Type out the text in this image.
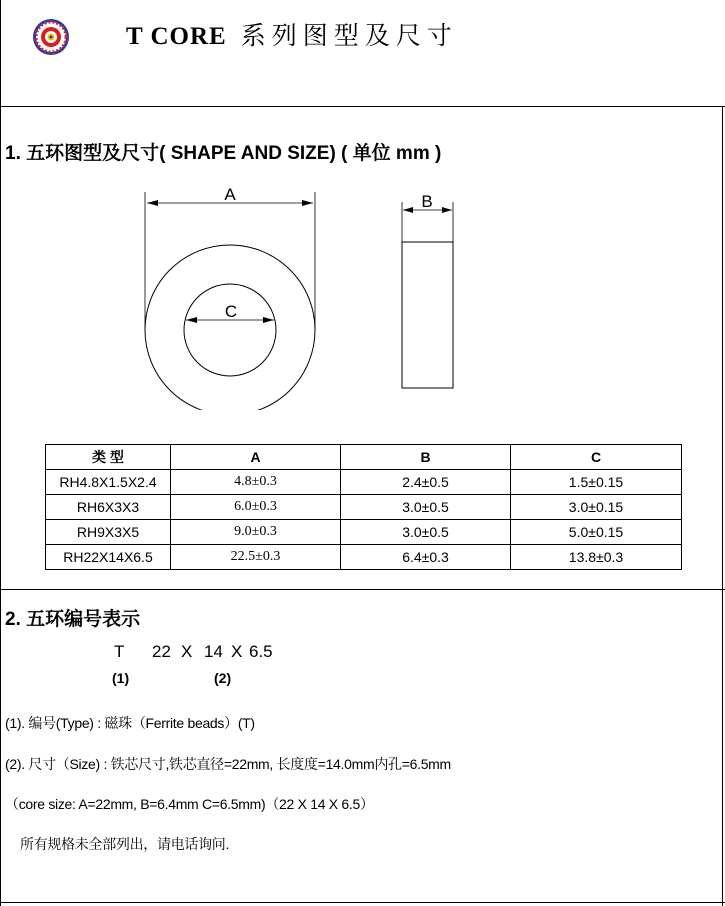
T CORE 系列图型及尺寸
1. 五环图型及尺寸( SHAPE AND SIZE) ( 单位 mm )
A
C
B
类 型	A	B	C
RH4.8X1.5X2.4	4.8±0.3	2.4±0.5	1.5±0.15
RH6X3X3	6.0±0.3	3.0±0.5	3.0±0.15
RH9X3X5	9.0±0.3	3.0±0.5	5.0±0.15
RH22X14X6.5	22.5±0.3	6.4±0.3	13.8±0.3
2. 五环编号表示
T 22 X 14 X 6.5
(1)	(2)
(1). 编号(Type) : 磁珠（Ferrite beads）(T)
(2). 尺寸（Size) : 铁芯尺寸,铁芯直径=22mm, 长度度=14.0mm内孔=6.5mm
（core size: A=22mm, B=6.4mm C=6.5mm)（22 X 14 X 6.5）
所有规格未全部列出，请电话询问.
